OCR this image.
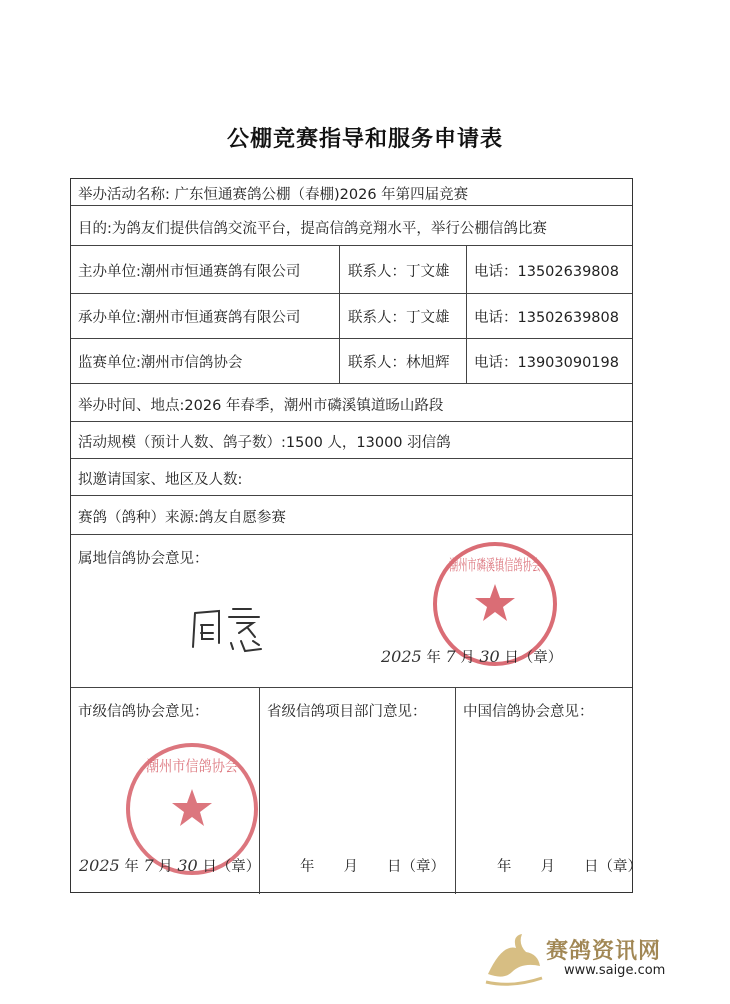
公棚竞赛指导和服务申请表
举办活动名称: 广东恒通赛鸽公棚（春棚)2026 年第四届竞赛
目的:为鸽友们提供信鸽交流平台，提高信鸽竞翔水平，举行公棚信鸽比赛
主办单位:潮州市恒通赛鸽有限公司	联系人：丁文雄 电话：13502639808
承办单位:潮州市恒通赛鸽有限公司	联系人：丁文雄 电话：13502639808
监赛单位:潮州市信鸽协会	联系人：林旭辉 电话：13903090198
举办时间、地点:2026 年春季，潮州市磷溪镇道旸山路段
活动规模（预计人数、鸽子数）:1500 人，13000 羽信鸽
拟邀请国家、地区及人数:
赛鸽（鸽种）来源:鸽友自愿参赛
属地信鸽协会意见：	潮州市磷溪镇信鸽协会
2025 年 7 月 30 日（章）
市级信鸽协会意见：	省级信鸽项目部门意见：	中国信鸽协会意见：
潮州市信鸽协会
2025 年 7 月 30 日（章）	年　　月　　日（章）	年　　月　　日（章）
赛鸽资讯网
www.saige.com
